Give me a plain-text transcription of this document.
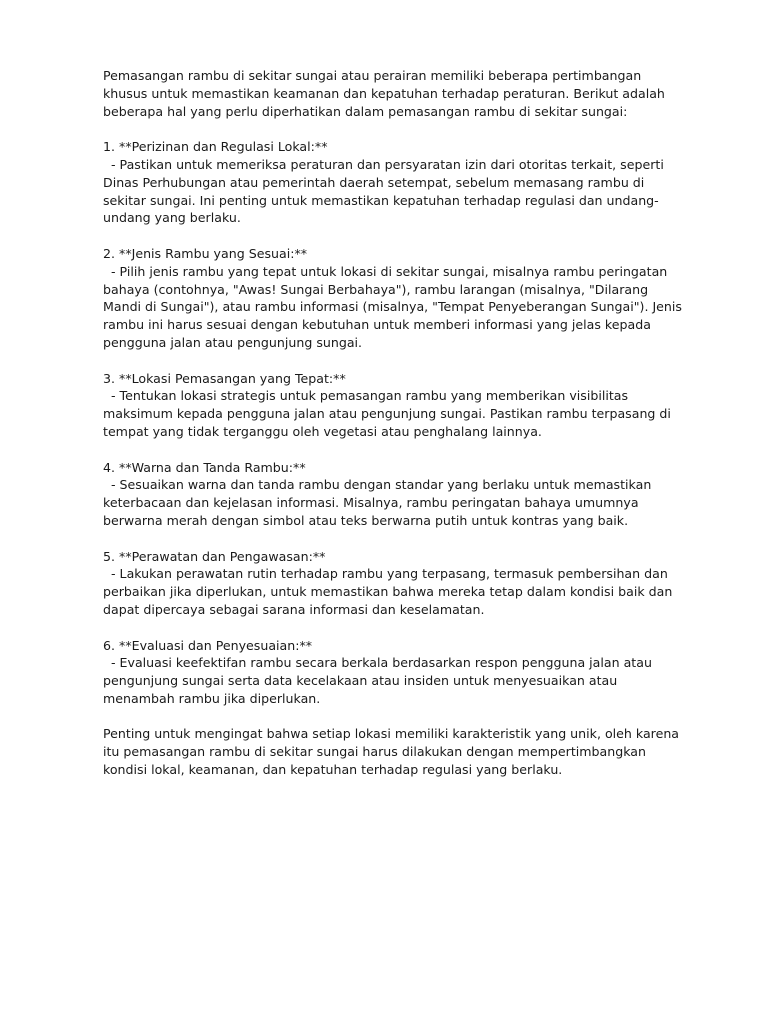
Pemasangan rambu di sekitar sungai atau perairan memiliki beberapa pertimbangan khusus untuk memastikan keamanan dan kepatuhan terhadap peraturan. Berikut adalah beberapa hal yang perlu diperhatikan dalam pemasangan rambu di sekitar sungai:

1. **Perizinan dan Regulasi Lokal:**
- Pastikan untuk memeriksa peraturan dan persyaratan izin dari otoritas terkait, seperti Dinas Perhubungan atau pemerintah daerah setempat, sebelum memasang rambu di sekitar sungai. Ini penting untuk memastikan kepatuhan terhadap regulasi dan undang-undang yang berlaku.
2. **Jenis Rambu yang Sesuai:**
- Pilih jenis rambu yang tepat untuk lokasi di sekitar sungai, misalnya rambu peringatan bahaya (contohnya, "Awas! Sungai Berbahaya"), rambu larangan (misalnya, "Dilarang Mandi di Sungai"), atau rambu informasi (misalnya, "Tempat Penyeberangan Sungai"). Jenis rambu ini harus sesuai dengan kebutuhan untuk memberi informasi yang jelas kepada pengguna jalan atau pengunjung sungai.
3. **Lokasi Pemasangan yang Tepat:**
- Tentukan lokasi strategis untuk pemasangan rambu yang memberikan visibilitas maksimum kepada pengguna jalan atau pengunjung sungai. Pastikan rambu terpasang di tempat yang tidak terganggu oleh vegetasi atau penghalang lainnya.
4. **Warna dan Tanda Rambu:**
- Sesuaikan warna dan tanda rambu dengan standar yang berlaku untuk memastikan keterbacaan dan kejelasan informasi. Misalnya, rambu peringatan bahaya umumnya berwarna merah dengan simbol atau teks berwarna putih untuk kontras yang baik.
5. **Perawatan dan Pengawasan:**
- Lakukan perawatan rutin terhadap rambu yang terpasang, termasuk pembersihan dan perbaikan jika diperlukan, untuk memastikan bahwa mereka tetap dalam kondisi baik dan dapat dipercaya sebagai sarana informasi dan keselamatan.
6. **Evaluasi dan Penyesuaian:**
- Evaluasi keefektifan rambu secara berkala berdasarkan respon pengguna jalan atau pengunjung sungai serta data kecelakaan atau insiden untuk menyesuaikan atau menambah rambu jika diperlukan.

Penting untuk mengingat bahwa setiap lokasi memiliki karakteristik yang unik, oleh karena itu pemasangan rambu di sekitar sungai harus dilakukan dengan mempertimbangkan kondisi lokal, keamanan, dan kepatuhan terhadap regulasi yang berlaku.
